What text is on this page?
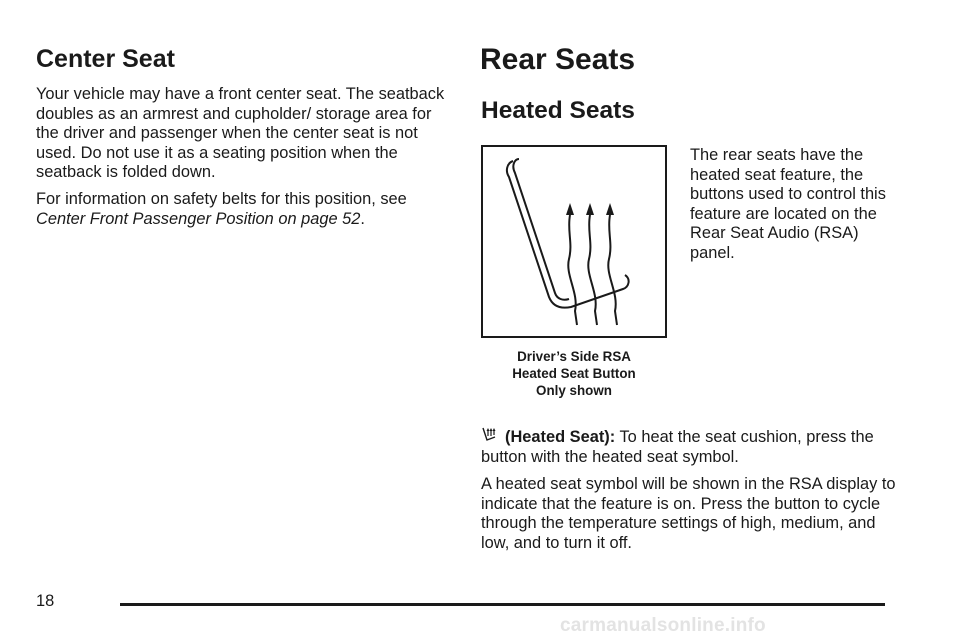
Center Seat

Your vehicle may have a front center seat. The seatback doubles as an armrest and cupholder/ storage area for the driver and passenger when the center seat is not used. Do not use it as a seating position when the seatback is folded down.

For information on safety belts for this position, see Center Front Passenger Position on page 52.

Rear Seats
Heated Seats
Driver’s Side RSA
Heated Seat Button
Only shown

The rear seats have the heated seat feature, the buttons used to control this feature are located on the Rear Seat Audio (RSA) panel.

(Heated Seat): To heat the seat cushion, press the button with the heated seat symbol.

A heated seat symbol will be shown in the RSA display to indicate that the feature is on. Press the button to cycle through the temperature settings of high, medium, and low, and to turn it off.

18
carmanualsonline.info
